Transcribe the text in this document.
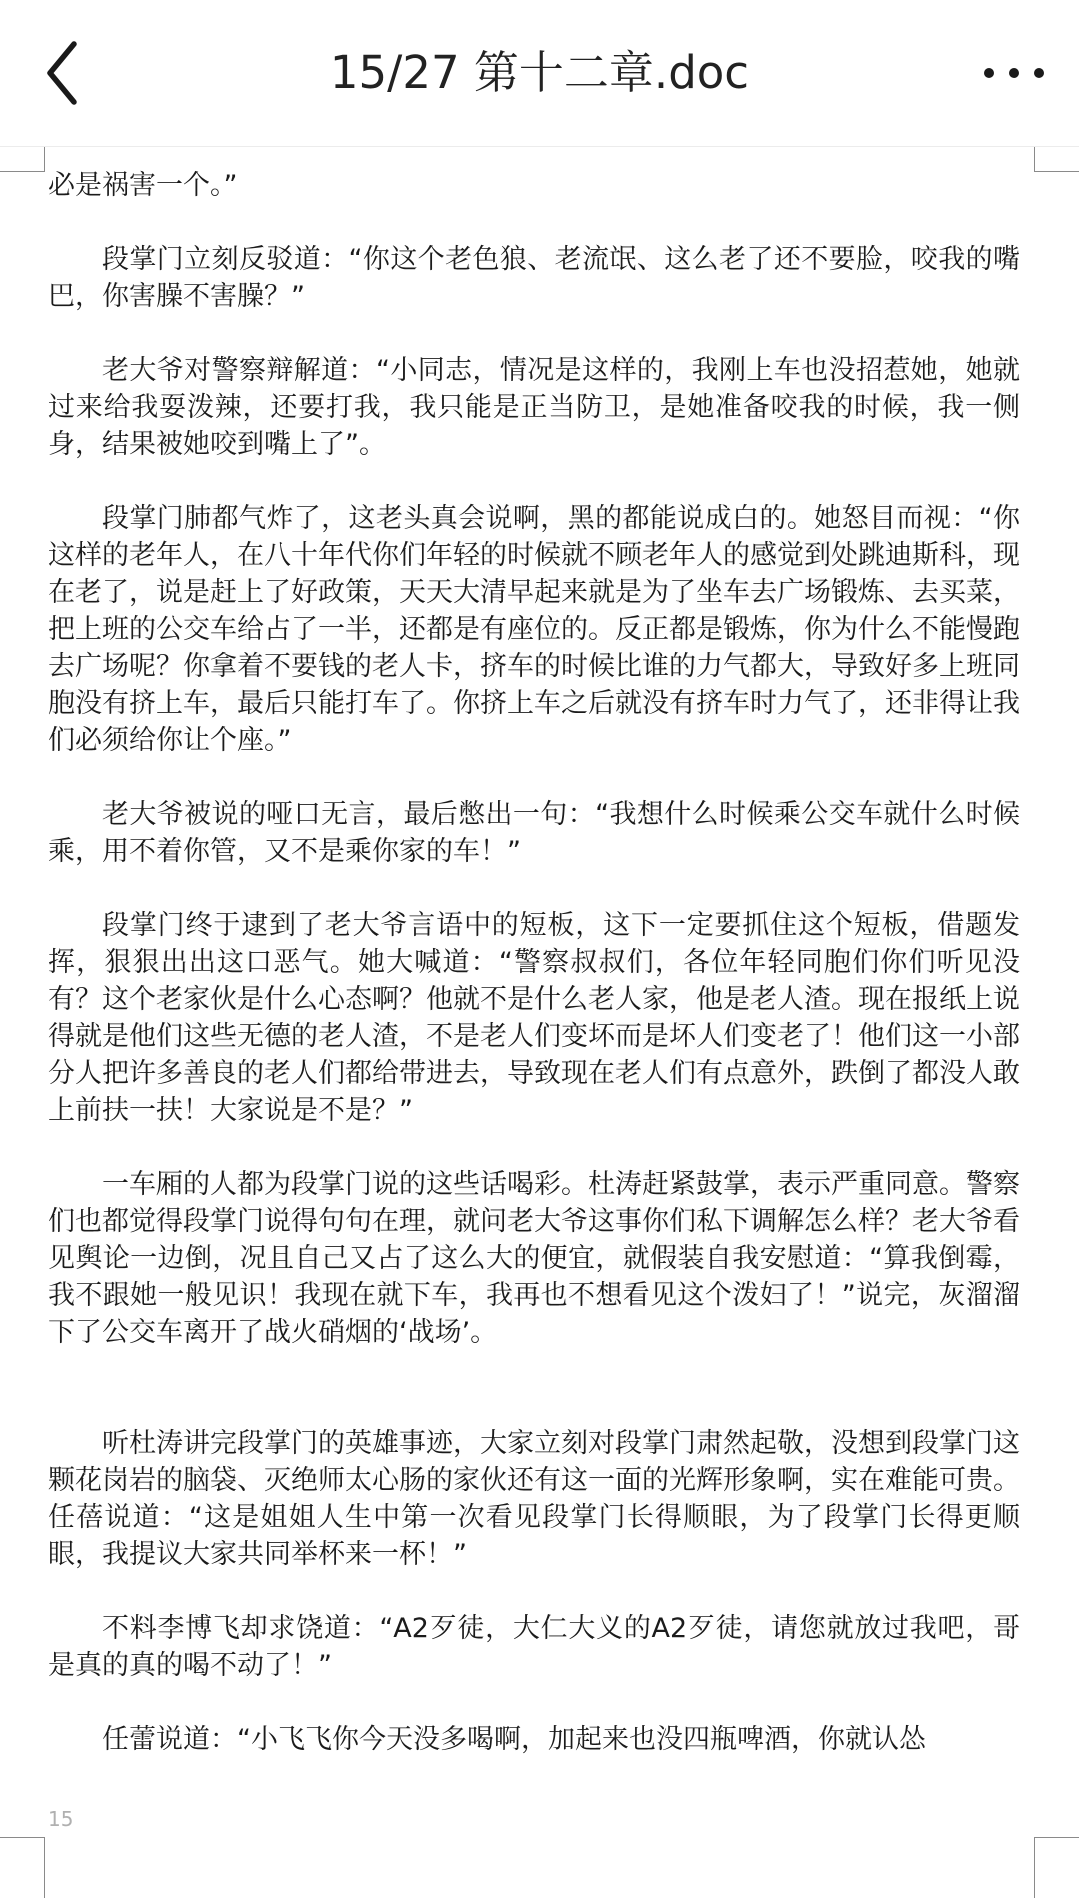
15/27 第十二章.doc

必是祸害一个。”

段掌门立刻反驳道：“你这个老色狼、老流氓、这么老了还不要脸，咬我的嘴巴，你害臊不害臊？”

老大爷对警察辩解道：“小同志，情况是这样的，我刚上车也没招惹她，她就过来给我耍泼辣，还要打我，我只能是正当防卫，是她准备咬我的时候，我一侧身，结果被她咬到嘴上了”。

段掌门肺都气炸了，这老头真会说啊，黑的都能说成白的。她怒目而视：“你这样的老年人，在八十年代你们年轻的时候就不顾老年人的感觉到处跳迪斯科，现在老了，说是赶上了好政策，天天大清早起来就是为了坐车去广场锻炼、去买菜，把上班的公交车给占了一半，还都是有座位的。反正都是锻炼，你为什么不能慢跑去广场呢？你拿着不要钱的老人卡，挤车的时候比谁的力气都大，导致好多上班同胞没有挤上车，最后只能打车了。你挤上车之后就没有挤车时力气了，还非得让我们必须给你让个座。”

老大爷被说的哑口无言，最后憋出一句：“我想什么时候乘公交车就什么时候乘，用不着你管，又不是乘你家的车！”

段掌门终于逮到了老大爷言语中的短板，这下一定要抓住这个短板，借题发挥，狠狠出出这口恶气。她大喊道：“警察叔叔们，各位年轻同胞们你们听见没有？这个老家伙是什么心态啊？他就不是什么老人家，他是老人渣。现在报纸上说得就是他们这些无德的老人渣，不是老人们变坏而是坏人们变老了！他们这一小部分人把许多善良的老人们都给带进去，导致现在老人们有点意外，跌倒了都没人敢上前扶一扶！大家说是不是？”

一车厢的人都为段掌门说的这些话喝彩。杜涛赶紧鼓掌，表示严重同意。警察们也都觉得段掌门说得句句在理，就问老大爷这事你们私下调解怎么样？老大爷看见舆论一边倒，况且自己又占了这么大的便宜，就假装自我安慰道：“算我倒霉，我不跟她一般见识！我现在就下车，我再也不想看见这个泼妇了！”说完，灰溜溜下了公交车离开了战火硝烟的‘战场’。

听杜涛讲完段掌门的英雄事迹，大家立刻对段掌门肃然起敬，没想到段掌门这颗花岗岩的脑袋、灭绝师太心肠的家伙还有这一面的光辉形象啊，实在难能可贵。任蓓说道：“这是姐姐人生中第一次看见段掌门长得顺眼，为了段掌门长得更顺眼，我提议大家共同举杯来一杯！”

不料李博飞却求饶道：“A2歹徒，大仁大义的A2歹徒，请您就放过我吧，哥是真的真的喝不动了！”

任蕾说道：“小飞飞你今天没多喝啊，加起来也没四瓶啤酒，你就认怂

15
